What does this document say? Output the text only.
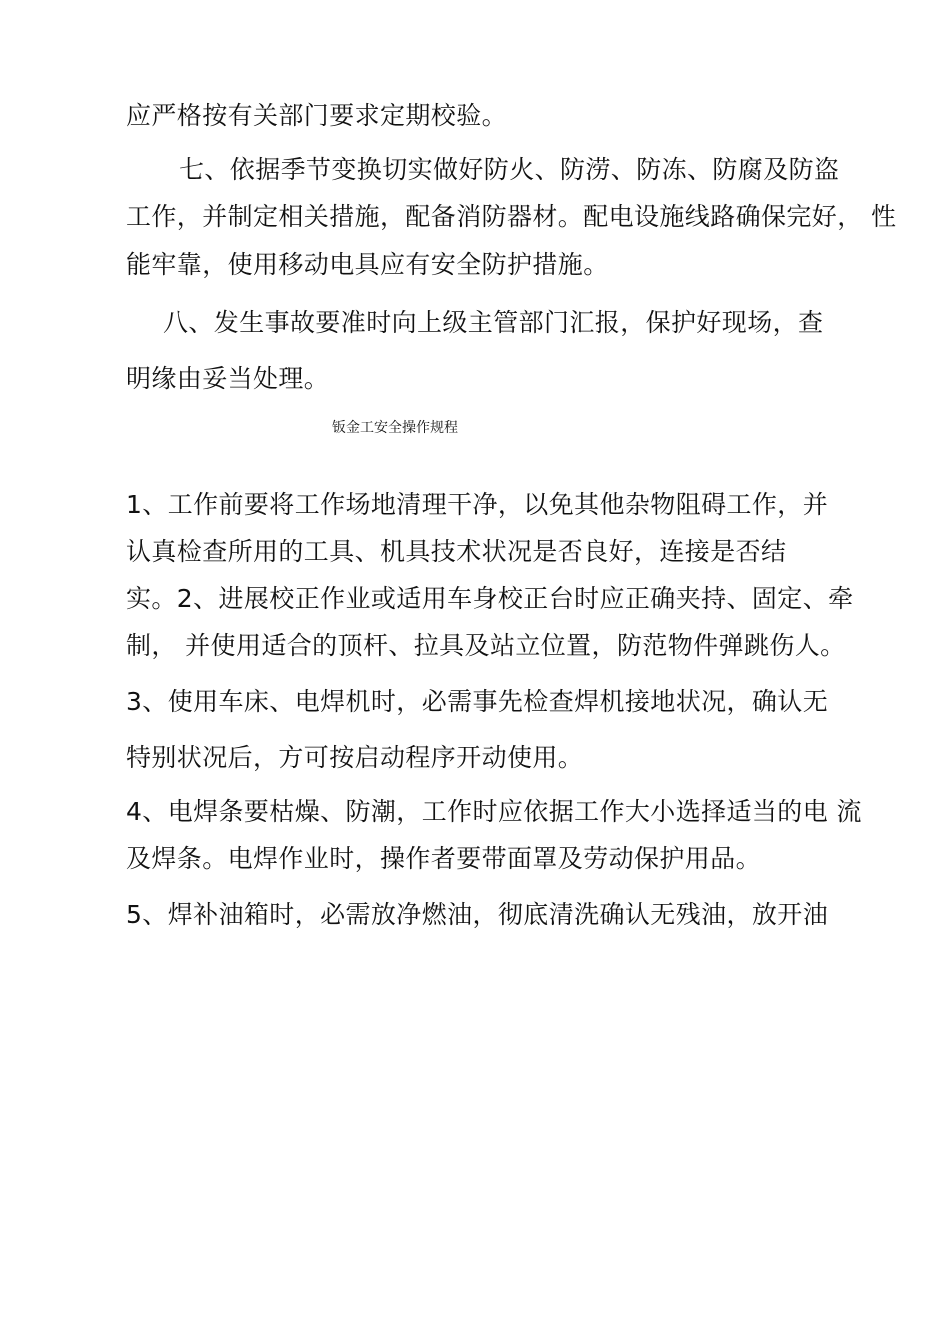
应严格按有关部门要求定期校验。
七、依据季节变换切实做好防火、防涝、防冻、防腐及防盗
工作，并制定相关措施，配备消防器材。配电设施线路确保完好， 性
能牢靠，使用移动电具应有安全防护措施。
八、发生事故要准时向上级主管部门汇报，保护好现场，查
明缘由妥当处理。
钣金工安全操作规程
1、工作前要将工作场地清理干净，以免其他杂物阻碍工作，并
认真检查所用的工具、机具技术状况是否良好，连接是否结
实。2、进展校正作业或适用车身校正台时应正确夹持、固定、牵
制， 并使用适合的顶杆、拉具及站立位置，防范物件弹跳伤人。
3、使用车床、电焊机时，必需事先检查焊机接地状况，确认无
特别状况后，方可按启动程序开动使用。
4、电焊条要枯燥、防潮，工作时应依据工作大小选择适当的电 流
及焊条。电焊作业时，操作者要带面罩及劳动保护用品。
5、焊补油箱时，必需放净燃油，彻底清洗确认无残油，放开油
